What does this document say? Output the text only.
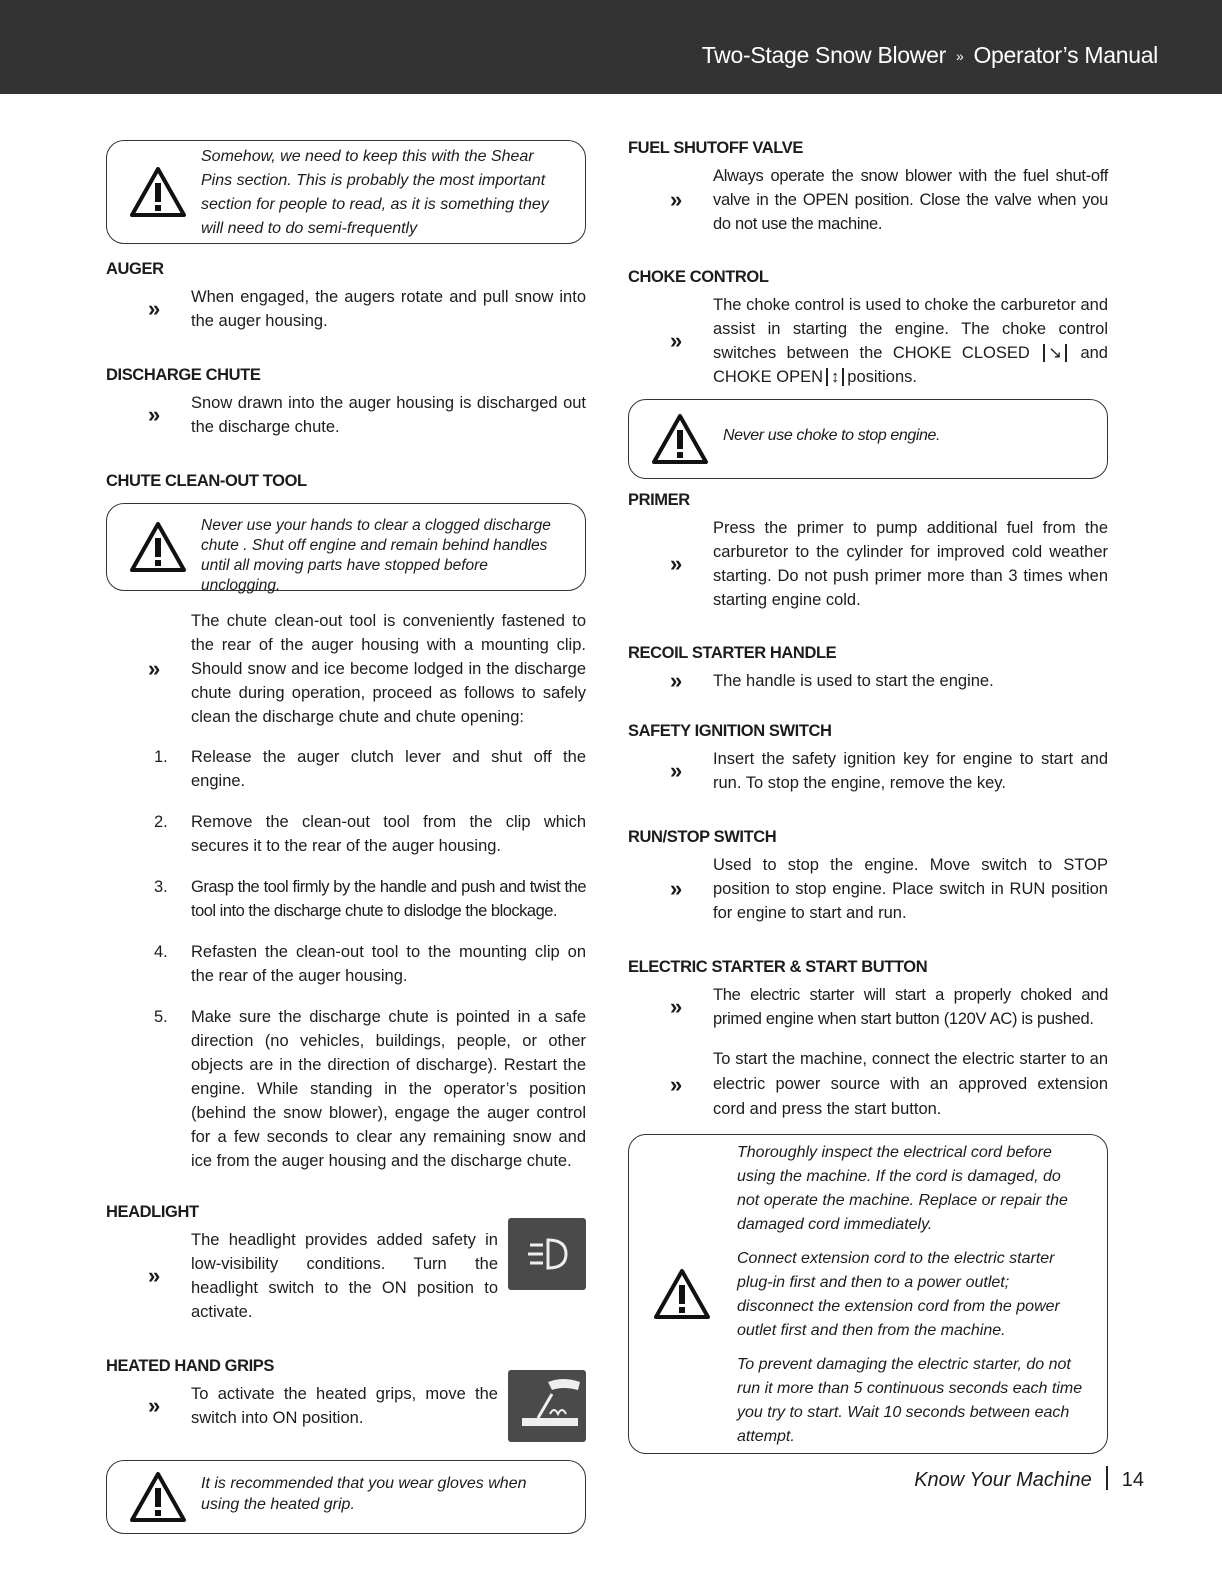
Two-Stage Snow Blower » Operator’s Manual

Somehow, we need to keep this with the Shear Pins section. This is probably the most important section for people to read, as it is something they will need to do semi-frequently

AUGER
» When engaged, the augers rotate and pull snow into the auger housing.

DISCHARGE CHUTE
» Snow drawn into the auger housing is discharged out the discharge chute.

CHUTE CLEAN-OUT TOOL

Never use your hands to clear a clogged discharge chute . Shut off engine and remain behind handles until all moving parts have stopped before unclogging.

»

The chute clean-out tool is conveniently fastened to the rear of the auger housing with a mounting clip. Should snow and ice become lodged in the discharge chute during operation, proceed as follows to safely clean the discharge chute and chute opening:

1. Release the auger clutch lever and shut off the engine.

2. Remove the clean-out tool from the clip which secures it to the rear of the auger housing.

3. Grasp the tool firmly by the handle and push and twist the tool into the discharge chute to dislodge the blockage.

4. Refasten the clean-out tool to the mounting clip on the rear of the auger housing.

5. Make sure the discharge chute is pointed in a safe direction (no vehicles, buildings, people, or other objects are in the direction of discharge). Restart the engine. While standing in the operator’s position (behind the snow blower), engage the auger control for a few seconds to clear any remaining snow and ice from the auger housing and the discharge chute.

HEADLIGHT
»

The headlight provides added safety in low-visibility conditions. Turn the headlight switch to the ON position to activate.

HEATED HAND GRIPS
» To activate the heated grips, move the switch into ON position.

It is recommended that you wear gloves when using the heated grip.

FUEL SHUTOFF VALVE
»

Always operate the snow blower with the fuel shut-off valve in the OPEN position. Close the valve when you do not use the machine.

CHOKE CONTROL
»

The choke control is used to choke the carburetor and assist in starting the engine. The choke control switches between the CHOKE CLOSED ↘ and CHOKE OPEN ↕ positions.

Never use choke to stop engine.

PRIMER
»

Press the primer to pump additional fuel from the carburetor to the cylinder for improved cold weather starting. Do not push primer more than 3 times when starting engine cold.

RECOIL STARTER HANDLE
» The handle is used to start the engine.

SAFETY IGNITION SWITCH
» Insert the safety ignition key for engine to start and run. To stop the engine, remove the key.

RUN/STOP SWITCH
»

Used to stop the engine. Move switch to STOP position to stop engine. Place switch in RUN position for engine to start and run.

ELECTRIC STARTER & START BUTTON
» The electric starter will start a properly choked and primed engine when start button (120V AC) is pushed.

»

To start the machine, connect the electric starter to an electric power source with an approved extension cord and press the start button.

Thoroughly inspect the electrical cord before using the machine. If the cord is damaged, do not operate the machine. Replace or repair the damaged cord immediately.

Connect extension cord to the electric starter plug-in first and then to a power outlet; disconnect the extension cord from the power outlet first and then from the machine.

To prevent damaging the electric starter, do not run it more than 5 continuous seconds each time you try to start. Wait 10 seconds between each attempt.

Know Your Machine 14
